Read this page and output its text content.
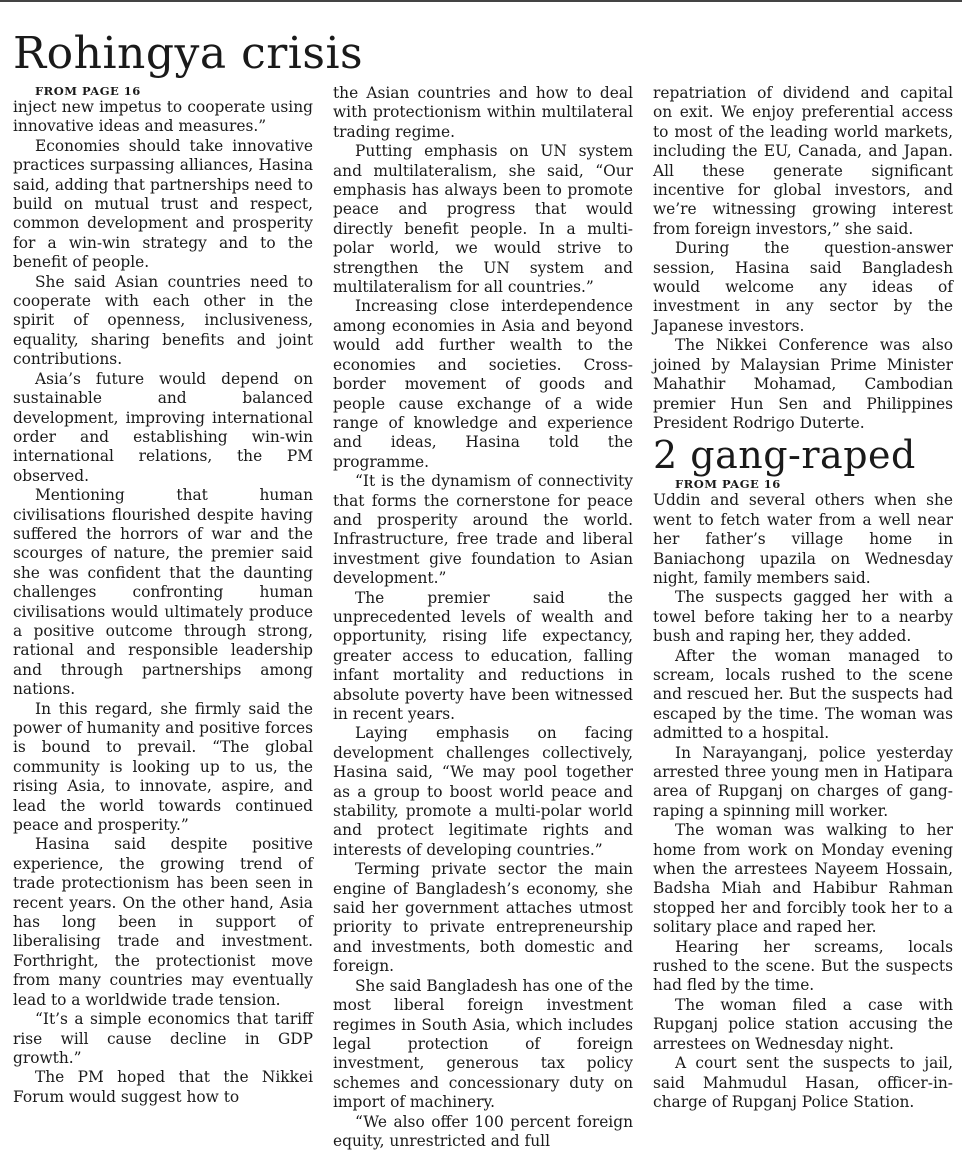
Rohingya crisis

FROM PAGE 16

inject new impetus to cooperate using innovative ideas and measures.”

Economies should take innovative practices surpassing alliances, Hasina said, adding that partnerships need to build on mutual trust and respect, common development and prosperity for a win-win strategy and to the benefit of people.

She said Asian countries need to cooperate with each other in the spirit of openness, inclusiveness, equality, sharing benefits and joint contributions.

Asia’s future would depend on sustainable and balanced development, improving international order and establishing win-win international relations, the PM observed.

Mentioning that human civilisations flourished despite having suffered the horrors of war and the scourges of nature, the premier said she was confident that the daunting challenges confronting human civilisations would ultimately produce a positive outcome through strong, rational and responsible leadership and through partnerships among nations.

In this regard, she firmly said the power of humanity and positive forces is bound to prevail. “The global community is looking up to us, the rising Asia, to innovate, aspire, and lead the world towards continued peace and prosperity.”

Hasina said despite positive experience, the growing trend of trade protectionism has been seen in recent years. On the other hand, Asia has long been in support of liberalising trade and investment. Forthright, the protectionist move from many countries may eventually lead to a worldwide trade tension.

“It’s a simple economics that tariff rise will cause decline in GDP growth.”

The PM hoped that the Nikkei Forum would suggest how to

the Asian countries and how to deal with protectionism within multilateral trading regime.

Putting emphasis on UN system and multilateralism, she said, “Our emphasis has always been to promote peace and progress that would directly benefit people. In a multi-polar world, we would strive to strengthen the UN system and multilateralism for all countries.”

Increasing close interdependence among economies in Asia and beyond would add further wealth to the economies and societies. Cross-border movement of goods and people cause exchange of a wide range of knowledge and experience and ideas, Hasina told the programme.

“It is the dynamism of connectivity that forms the cornerstone for peace and prosperity around the world. Infrastructure, free trade and liberal investment give foundation to Asian development.”

The premier said the unprecedented levels of wealth and opportunity, rising life expectancy, greater access to education, falling infant mortality and reductions in absolute poverty have been witnessed in recent years.

Laying emphasis on facing development challenges collectively, Hasina said, “We may pool together as a group to boost world peace and stability, promote a multi-polar world and protect legitimate rights and interests of developing countries.”

Terming private sector the main engine of Bangladesh’s economy, she said her government attaches utmost priority to private entrepreneurship and investments, both domestic and foreign.

She said Bangladesh has one of the most liberal foreign investment regimes in South Asia, which includes legal protection of foreign investment, generous tax policy schemes and concessionary duty on import of machinery.

“We also offer 100 percent foreign equity, unrestricted and full

repatriation of dividend and capital on exit. We enjoy preferential access to most of the leading world markets, including the EU, Canada, and Japan. All these generate significant incentive for global investors, and we’re witnessing growing interest from foreign investors,” she said.

During the question-answer session, Hasina said Bangladesh would welcome any ideas of investment in any sector by the Japanese investors.

The Nikkei Conference was also joined by Malaysian Prime Minister Mahathir Mohamad, Cambodian premier Hun Sen and Philippines President Rodrigo Duterte.

2 gang-raped

FROM PAGE 16

Uddin and several others when she went to fetch water from a well near her father’s village home in Baniachong upazila on Wednesday night, family members said.

The suspects gagged her with a towel before taking her to a nearby bush and raping her, they added.

After the woman managed to scream, locals rushed to the scene and rescued her. But the suspects had escaped by the time. The woman was admitted to a hospital.

In Narayanganj, police yesterday arrested three young men in Hatipara area of Rupganj on charges of gang-raping a spinning mill worker.

The woman was walking to her home from work on Monday evening when the arrestees Nayeem Hossain, Badsha Miah and Habibur Rahman stopped her and forcibly took her to a solitary place and raped her.

Hearing her screams, locals rushed to the scene. But the suspects had fled by the time.

The woman filed a case with Rupganj police station accusing the arrestees on Wednesday night.

A court sent the suspects to jail, said Mahmudul Hasan, officer-in-charge of Rupganj Police Station.
